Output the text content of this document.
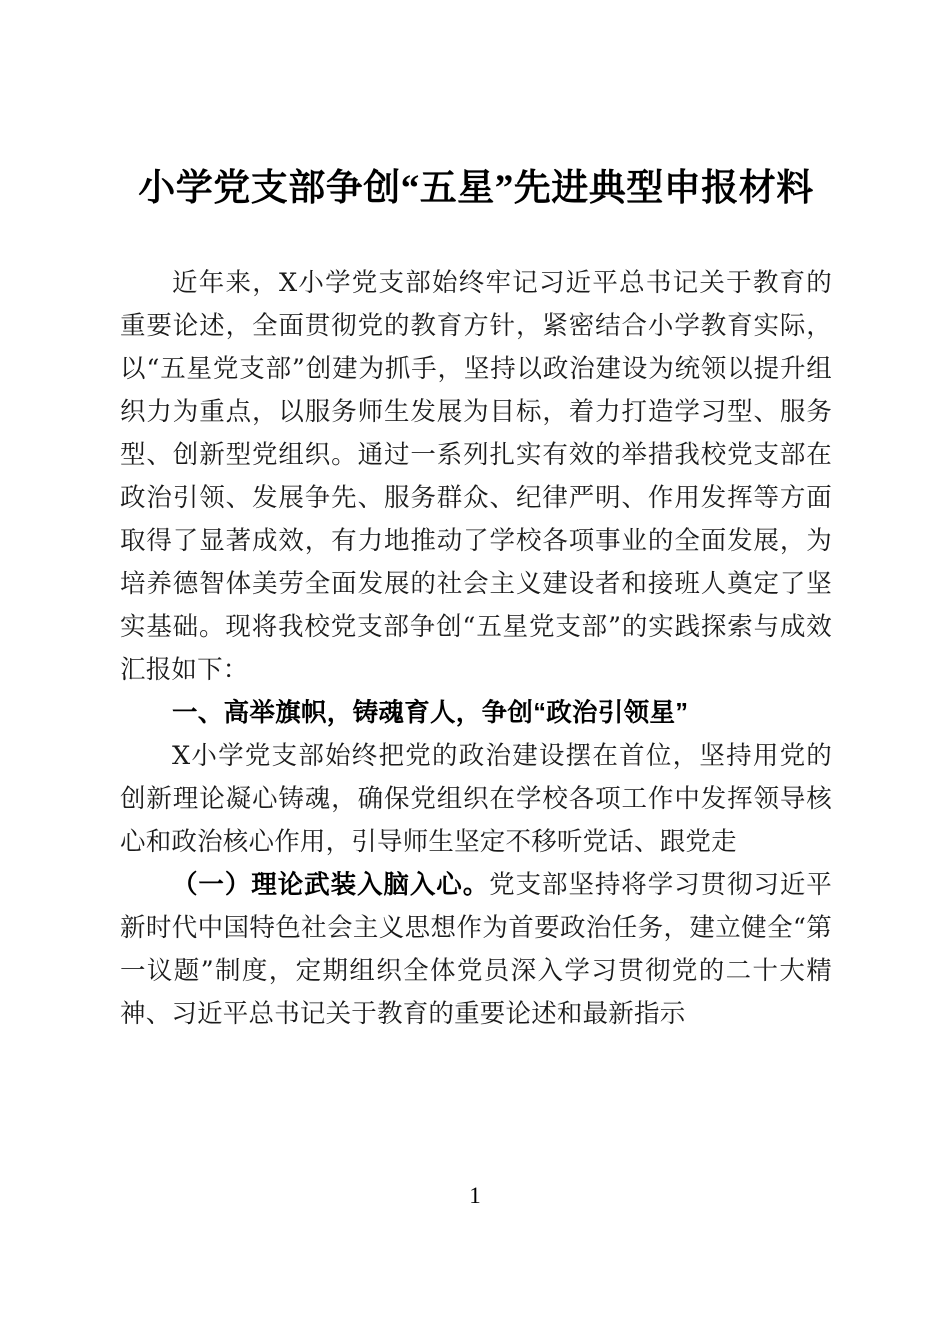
小学党支部争创“五星”先进典型申报材料

近年来，X小学党支部始终牢记习近平总书记关于教育的重要论述，全面贯彻党的教育方针，紧密结合小学教育实际，以“五星党支部”创建为抓手，坚持以政治建设为统领以提升组织力为重点，以服务师生发展为目标，着力打造学习型、服务型、创新型党组织。通过一系列扎实有效的举措我校党支部在政治引领、发展争先、服务群众、纪律严明、作用发挥等方面取得了显著成效，有力地推动了学校各项事业的全面发展，为培养德智体美劳全面发展的社会主义建设者和接班人奠定了坚实基础。现将我校党支部争创“五星党支部”的实践探索与成效汇报如下：

一、高举旗帜，铸魂育人，争创“政治引领星”

X小学党支部始终把党的政治建设摆在首位，坚持用党的创新理论凝心铸魂，确保党组织在学校各项工作中发挥领导核心和政治核心作用，引导师生坚定不移听党话、跟党走

（一）理论武装入脑入心。党支部坚持将学习贯彻习近平新时代中国特色社会主义思想作为首要政治任务，建立健全“第一议题”制度，定期组织全体党员深入学习贯彻党的二十大精神、习近平总书记关于教育的重要论述和最新指示

1
